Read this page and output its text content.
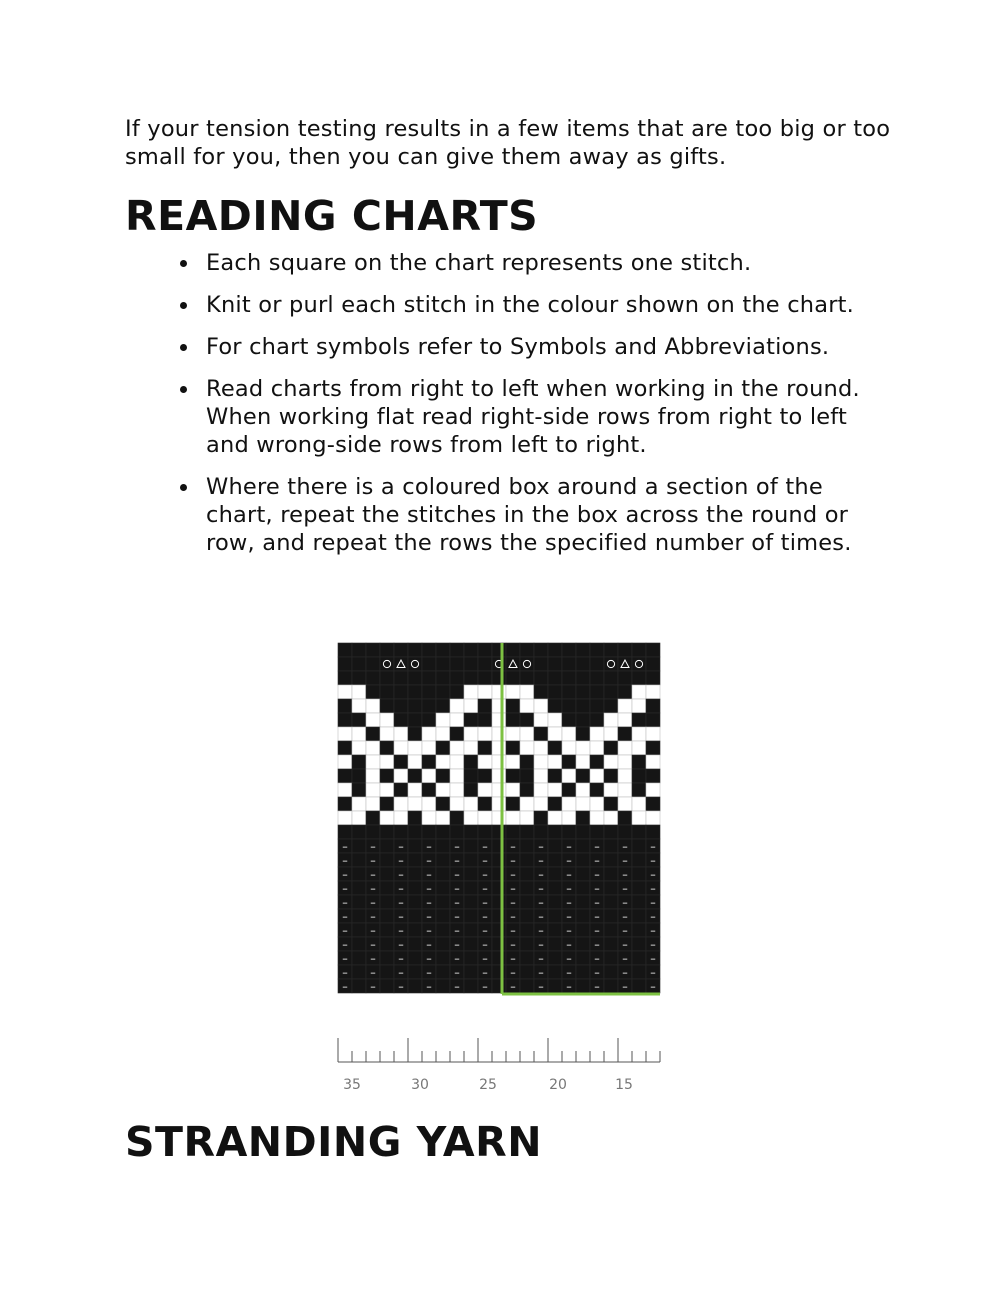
If your tension testing results in a few items that are too big or too small for you, then you can give them away as gifts.

READING CHARTS
Each square on the chart represents one stitch.
Knit or purl each stitch in the colour shown on the chart.
For chart symbols refer to Symbols and Abbreviations.
Read charts from right to left when working in the round. When working flat read right-side rows from right to left and wrong-side rows from left to right.
Where there is a coloured box around a section of the chart, repeat the stitches in the box across the round or row, and repeat the rows the specified number of times.
– – – – – – – – – – – –
– – – – – – – – – – – –
– – – – – – – – – – – –
– – – – – – – – – – – –
– – – – – – – – – – – –
– – – – – – – – – – – –
– – – – – – – – – – – –
– – – – – – – – – – – –
– – – – – – – – – – – –
– – – – – – – – – – – –
– – – – – – – – – – – –
35	30	25	20	15
STRANDING YARN
